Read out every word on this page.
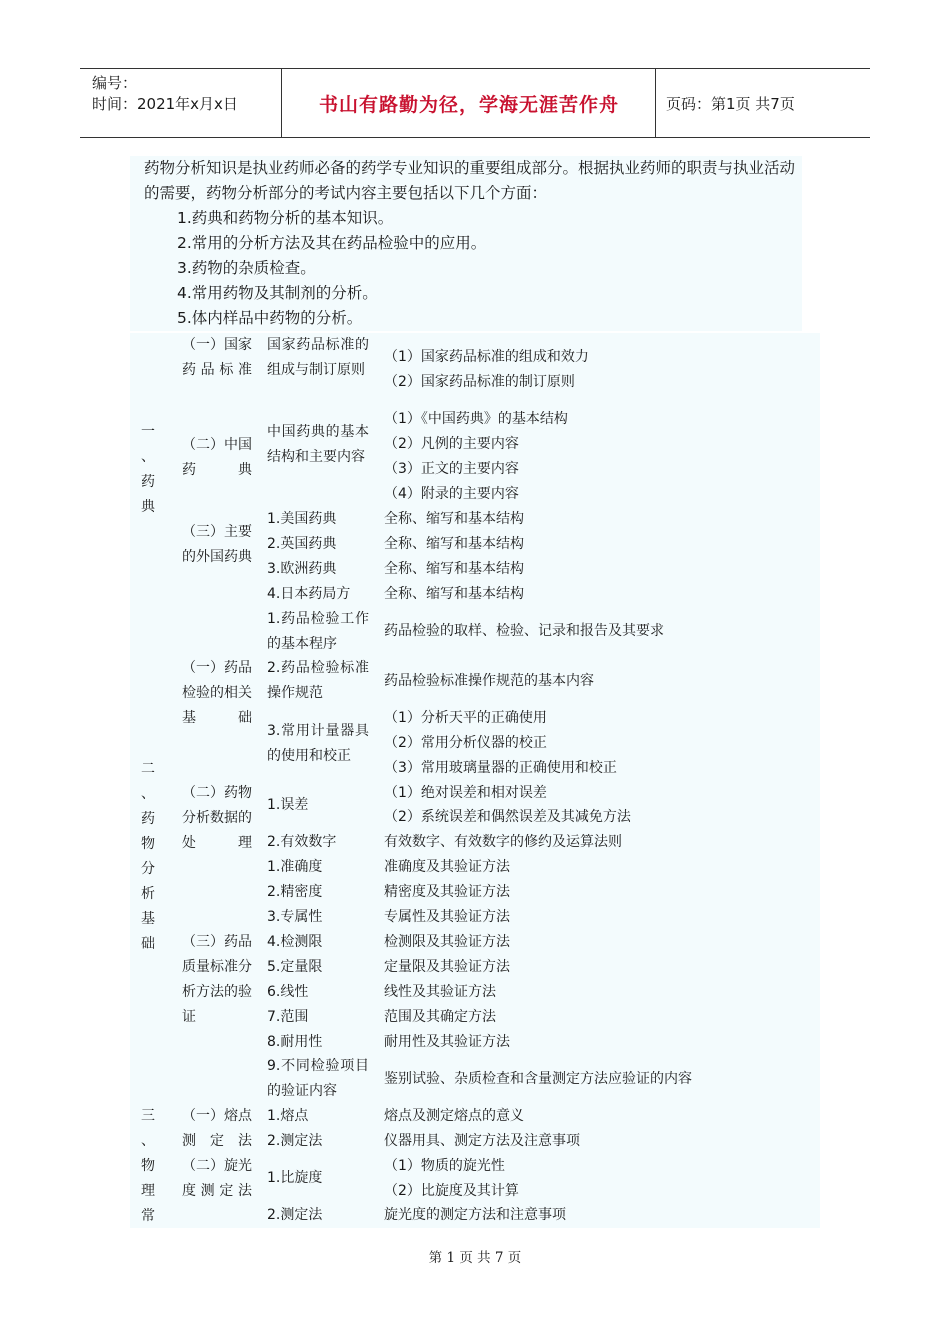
编号：
时间：2021年x月x日	书山有路勤为径，学海无涯苦作舟	页码：第1页 共7页

药物分析知识是执业药师必备的药学专业知识的重要组成部分。根据执业药师的职责与执业活动的需要，药物分析部分的考试内容主要包括以下几个方面：

1.药典和药物分析的基本知识。

2.常用的分析方法及其在药品检验中的应用。

3.药物的杂质检查。

4.常用药物及其制剂的分析。

5.体内样品中药物的分析。

一
、
药
典
二
、
药
物
分
析
基
础
三
、
物
理
常
（一）国家药品标准
（二）中国药典
（三）主要的外国药典
（一）药品检验的相关基础
（二）药物分析数据的处理
（三）药品质量标准分析方法的验证
（一）熔点测定法
（二）旋光度测定法
国家药品标准的组成与制订原则
中国药典的基本结构和主要内容
1.美国药典
2.英国药典
3.欧洲药典
4.日本药局方
1.药品检验工作的基本程序
2.药品检验标准操作规范
3.常用计量器具的使用和校正
1.误差
2.有效数字
1.准确度
2.精密度
3.专属性
4.检测限
5.定量限
6.线性
7.范围
8.耐用性
9.不同检验项目的验证内容
1.熔点
2.测定法
1.比旋度
2.测定法
（1）国家药品标准的组成和效力
（2）国家药品标准的制订原则
（1）《中国药典》的基本结构
（2）凡例的主要内容
（3）正文的主要内容
（4）附录的主要内容
全称、缩写和基本结构
全称、缩写和基本结构
全称、缩写和基本结构
全称、缩写和基本结构
药品检验的取样、检验、记录和报告及其要求
药品检验标准操作规范的基本内容
（1）分析天平的正确使用
（2）常用分析仪器的校正
（3）常用玻璃量器的正确使用和校正
（1）绝对误差和相对误差
（2）系统误差和偶然误差及其减免方法
有效数字、有效数字的修约及运算法则
准确度及其验证方法
精密度及其验证方法
专属性及其验证方法
检测限及其验证方法
定量限及其验证方法
线性及其验证方法
范围及其确定方法
耐用性及其验证方法
鉴别试验、杂质检查和含量测定方法应验证的内容
熔点及测定熔点的意义
仪器用具、测定方法及注意事项
（1）物质的旋光性
（2）比旋度及其计算
旋光度的测定方法和注意事项
第 1 页 共 7 页
